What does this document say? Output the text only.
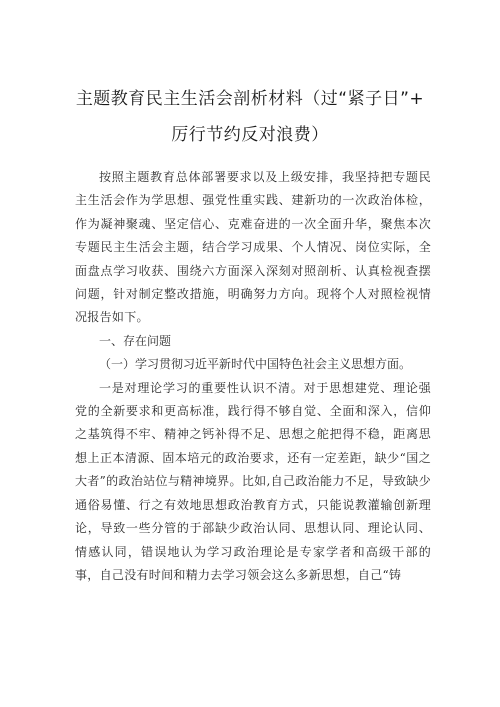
主题教育民主生活会剖析材料（过“紧子日”+
厉行节约反对浪费）

按照主题教育总体部署要求以及上级安排，我坚持把专题民主生活会作为学思想、强党性重实践、建新功的一次政治体检，作为凝神聚魂、坚定信心、克难奋进的一次全面升华，聚焦本次专题民主生活会主题，结合学习成果、个人情况、岗位实际，全面盘点学习收获、围绕六方面深入深刻对照剖析、认真检视查摆问题，针对制定整改措施，明确努力方向。现将个人对照检视情况报告如下。

一、存在问题

（一）学习贯彻习近平新时代中国特色社会主义思想方面。

一是对理论学习的重要性认识不清。对于思想建党、理论强党的全新要求和更高标准，践行得不够自觉、全面和深入，信仰之基筑得不牢、精神之钙补得不足、思想之舵把得不稳，距离思想上正本清源、固本培元的政治要求，还有一定差距，缺少“国之大者”的政治站位与精神境界。比如,自己政治能力不足，导致缺少通俗易懂、行之有效地思想政治教育方式，只能说教灌输创新理论，导致一些分管的于部缺少政治认同、思想认同、理论认同、情感认同，错误地认为学习政治理论是专家学者和高级干部的事，自己没有时间和精力去学习领会这么多新思想，自己“铸
